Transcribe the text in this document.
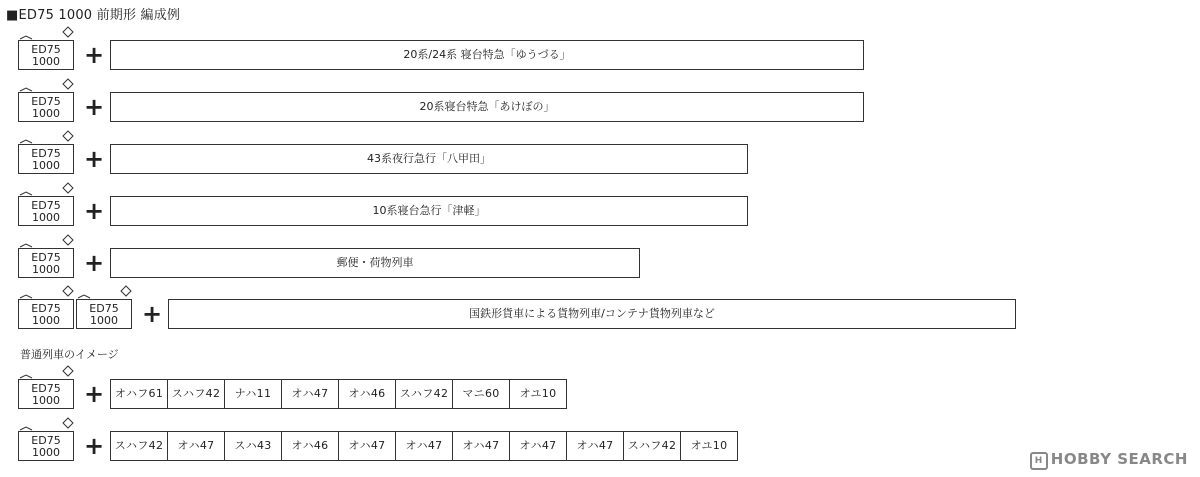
■ED75 1000 前期形 編成例
ED75
1000	+	20系/24系 寝台特急「ゆうづる」
ED75
1000	+	20系寝台特急「あけぼの」
ED75
1000	+	43系夜行急行「八甲田」
ED75
1000	+	10系寝台急行「津軽」
ED75
1000	+	郵便・荷物列車
ED75
1000
ED75
1000	+	国鉄形貨車による貨物列車/コンテナ貨物列車など
普通列車のイメージ
ED75
1000	+ オハフ61 スハフ42	ナハ11	オハ47	オハ46	スハフ42	マニ60	オユ10
ED75
1000	+ スハフ42	オハ47	スハ43	オハ46	オハ47	オハ47	オハ47	オハ47	オハ47	スハフ42	オユ10
H HOBBY SEARCH
